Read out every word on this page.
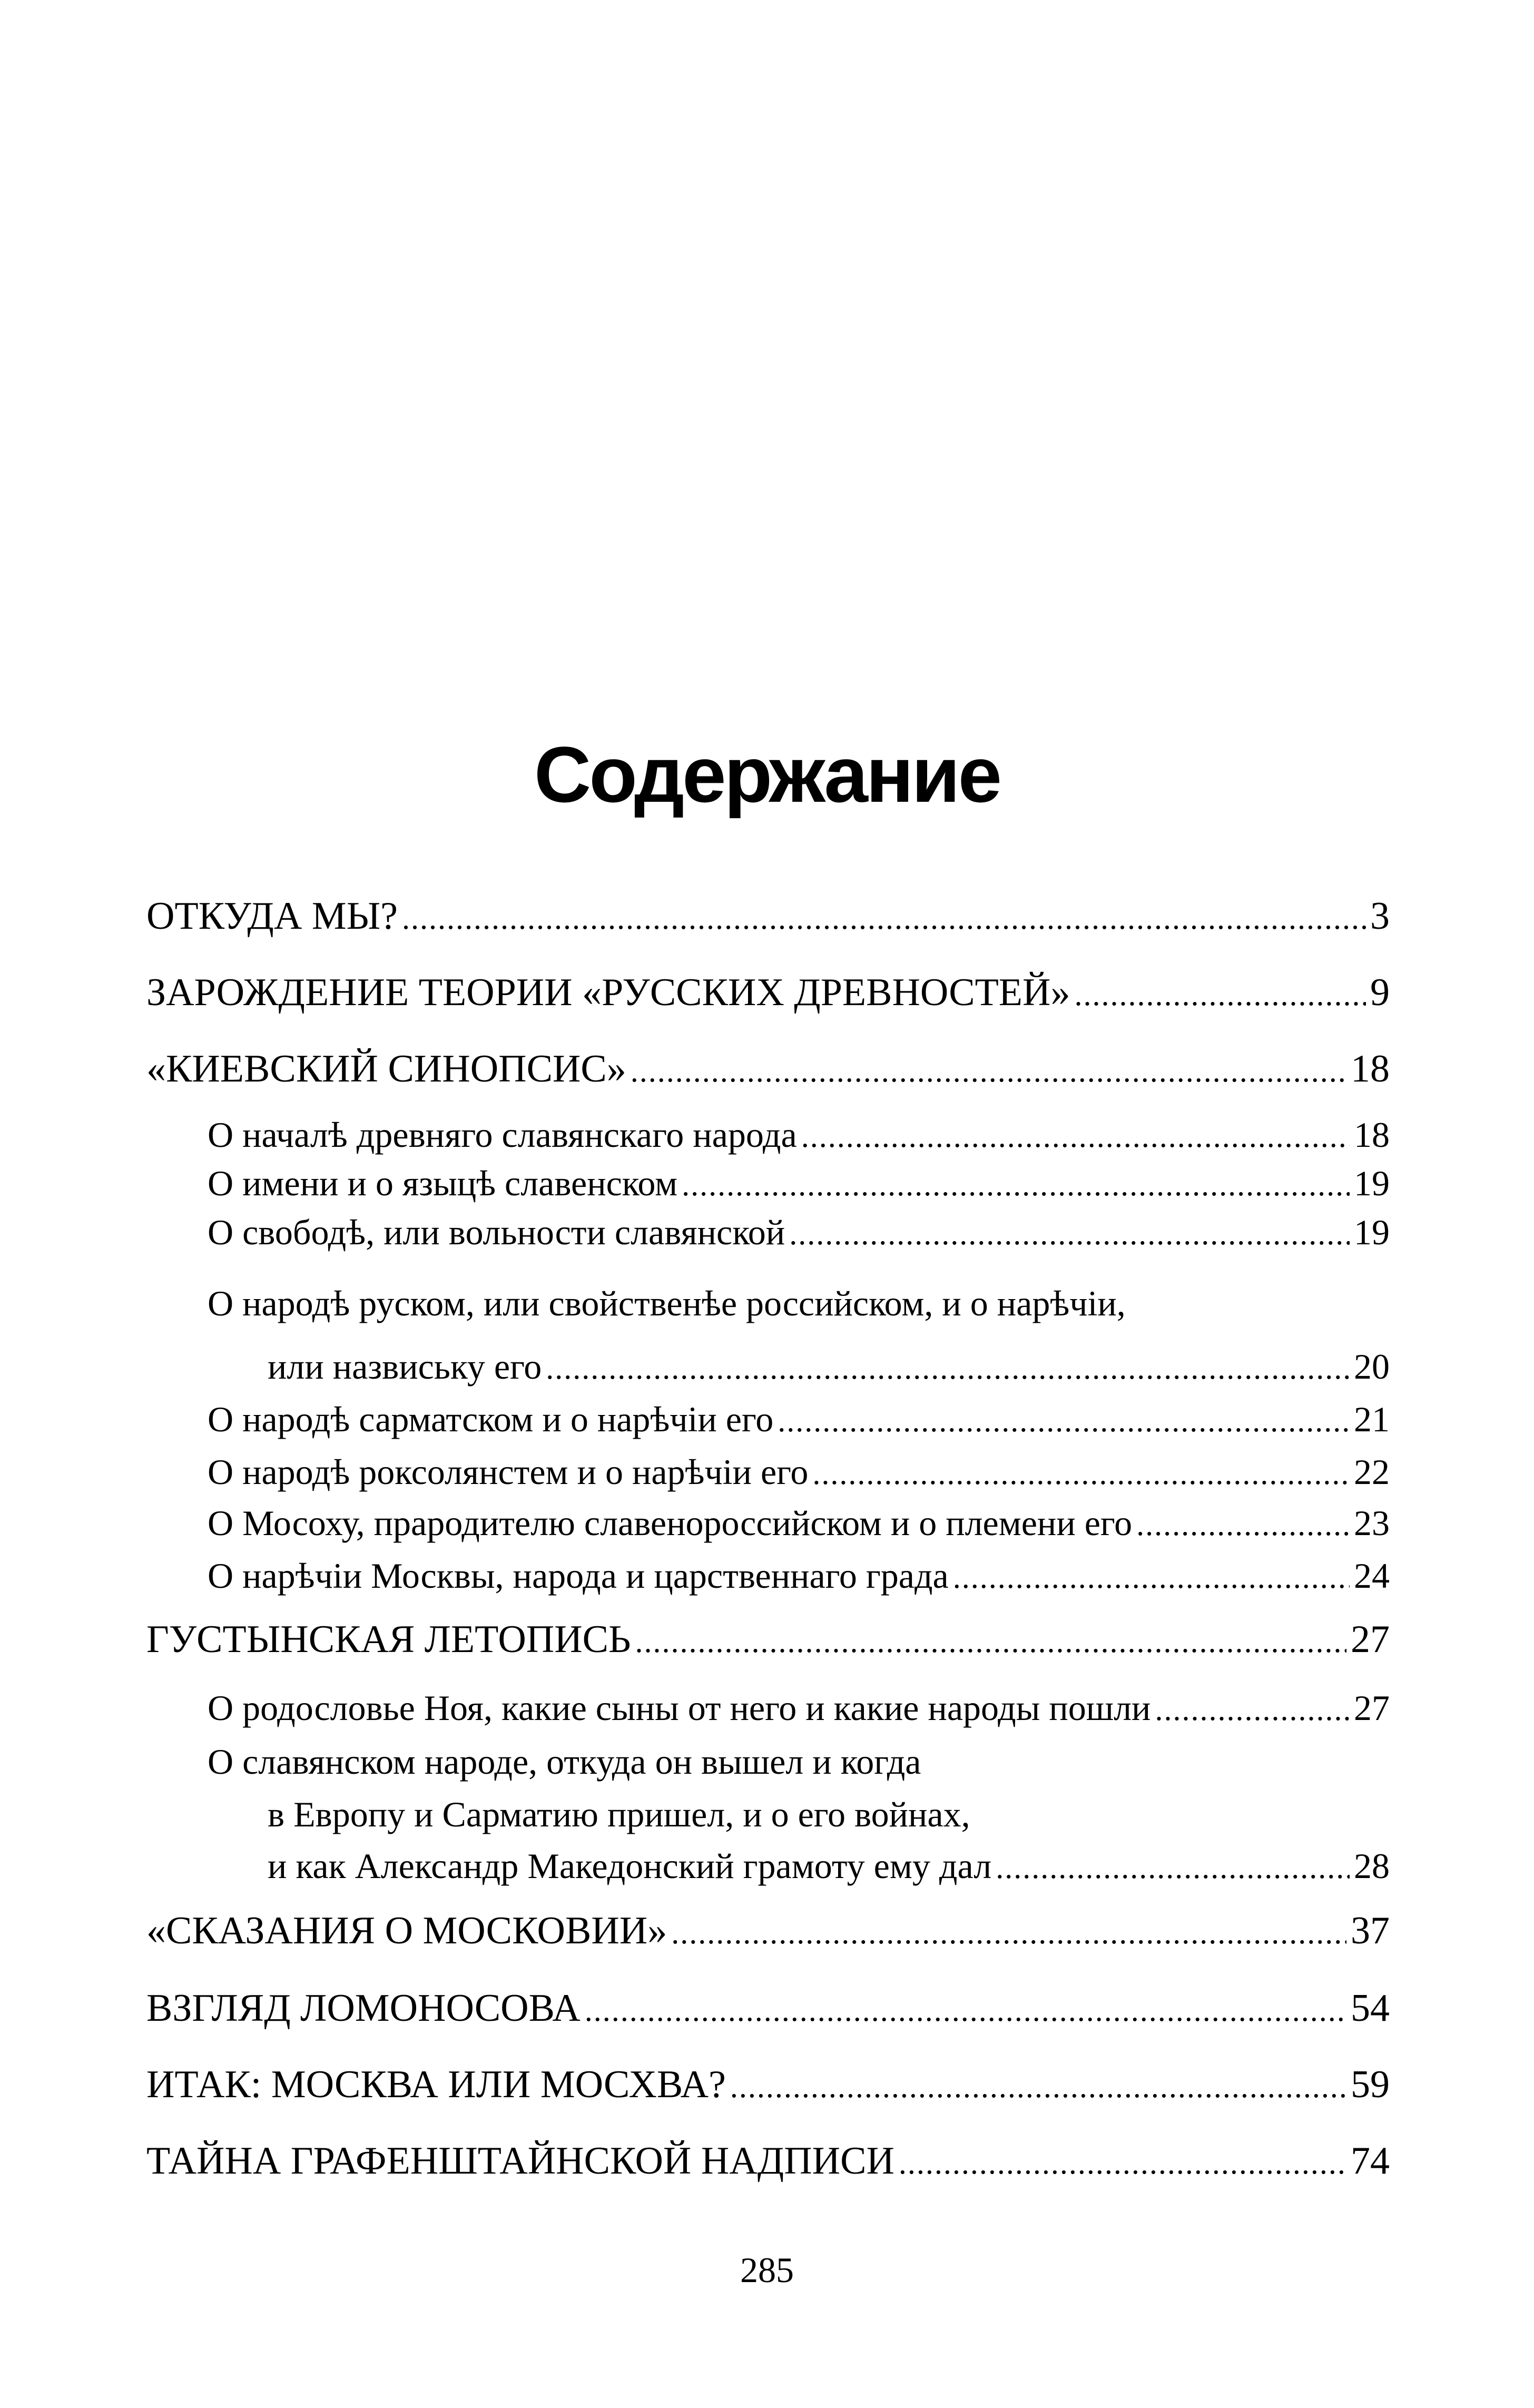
Содержание
ОТКУДА МЫ? .....	3
ЗАРОЖДЕНИЕ ТЕОРИИ «РУССКИХ ДРЕВНОСТЕЙ» .....	9
«КИЕВСКИЙ СИНОПСИС» .....	18
О началѣ древняго славянскаго народа .....	18
О имени и о языцѣ славенском .....	19
О свободѣ, или вольности славянской .....	19
О народѣ руском, или свойственѣе российском, и о нарѣчіи,
или назвиську его .....	20
О народѣ сарматском и о нарѣчіи его .....	21
О народѣ роксолянстем и о нарѣчіи его .....	22
О Мосоху, прародителю славенороссийском и о племени его .....	23
О нарѣчіи Москвы, народа и царственнаго града .....	24
ГУСТЫНСКАЯ ЛЕТОПИСЬ .....	27
О родословье Ноя, какие сыны от него и какие народы пошли .....	27
О славянском народе, откуда он вышел и когда
в Европу и Сарматию пришел, и о его войнах,
и как Александр Македонский грамоту ему дал .....	28
«СКАЗАНИЯ О МОСКОВИИ» .....	37
ВЗГЛЯД ЛОМОНОСОВА .....	54
ИТАК: МОСКВА ИЛИ МОСХВА? .....	59
ТАЙНА ГРАФЕНШТАЙНСКОЙ НАДПИСИ .....	74
285
